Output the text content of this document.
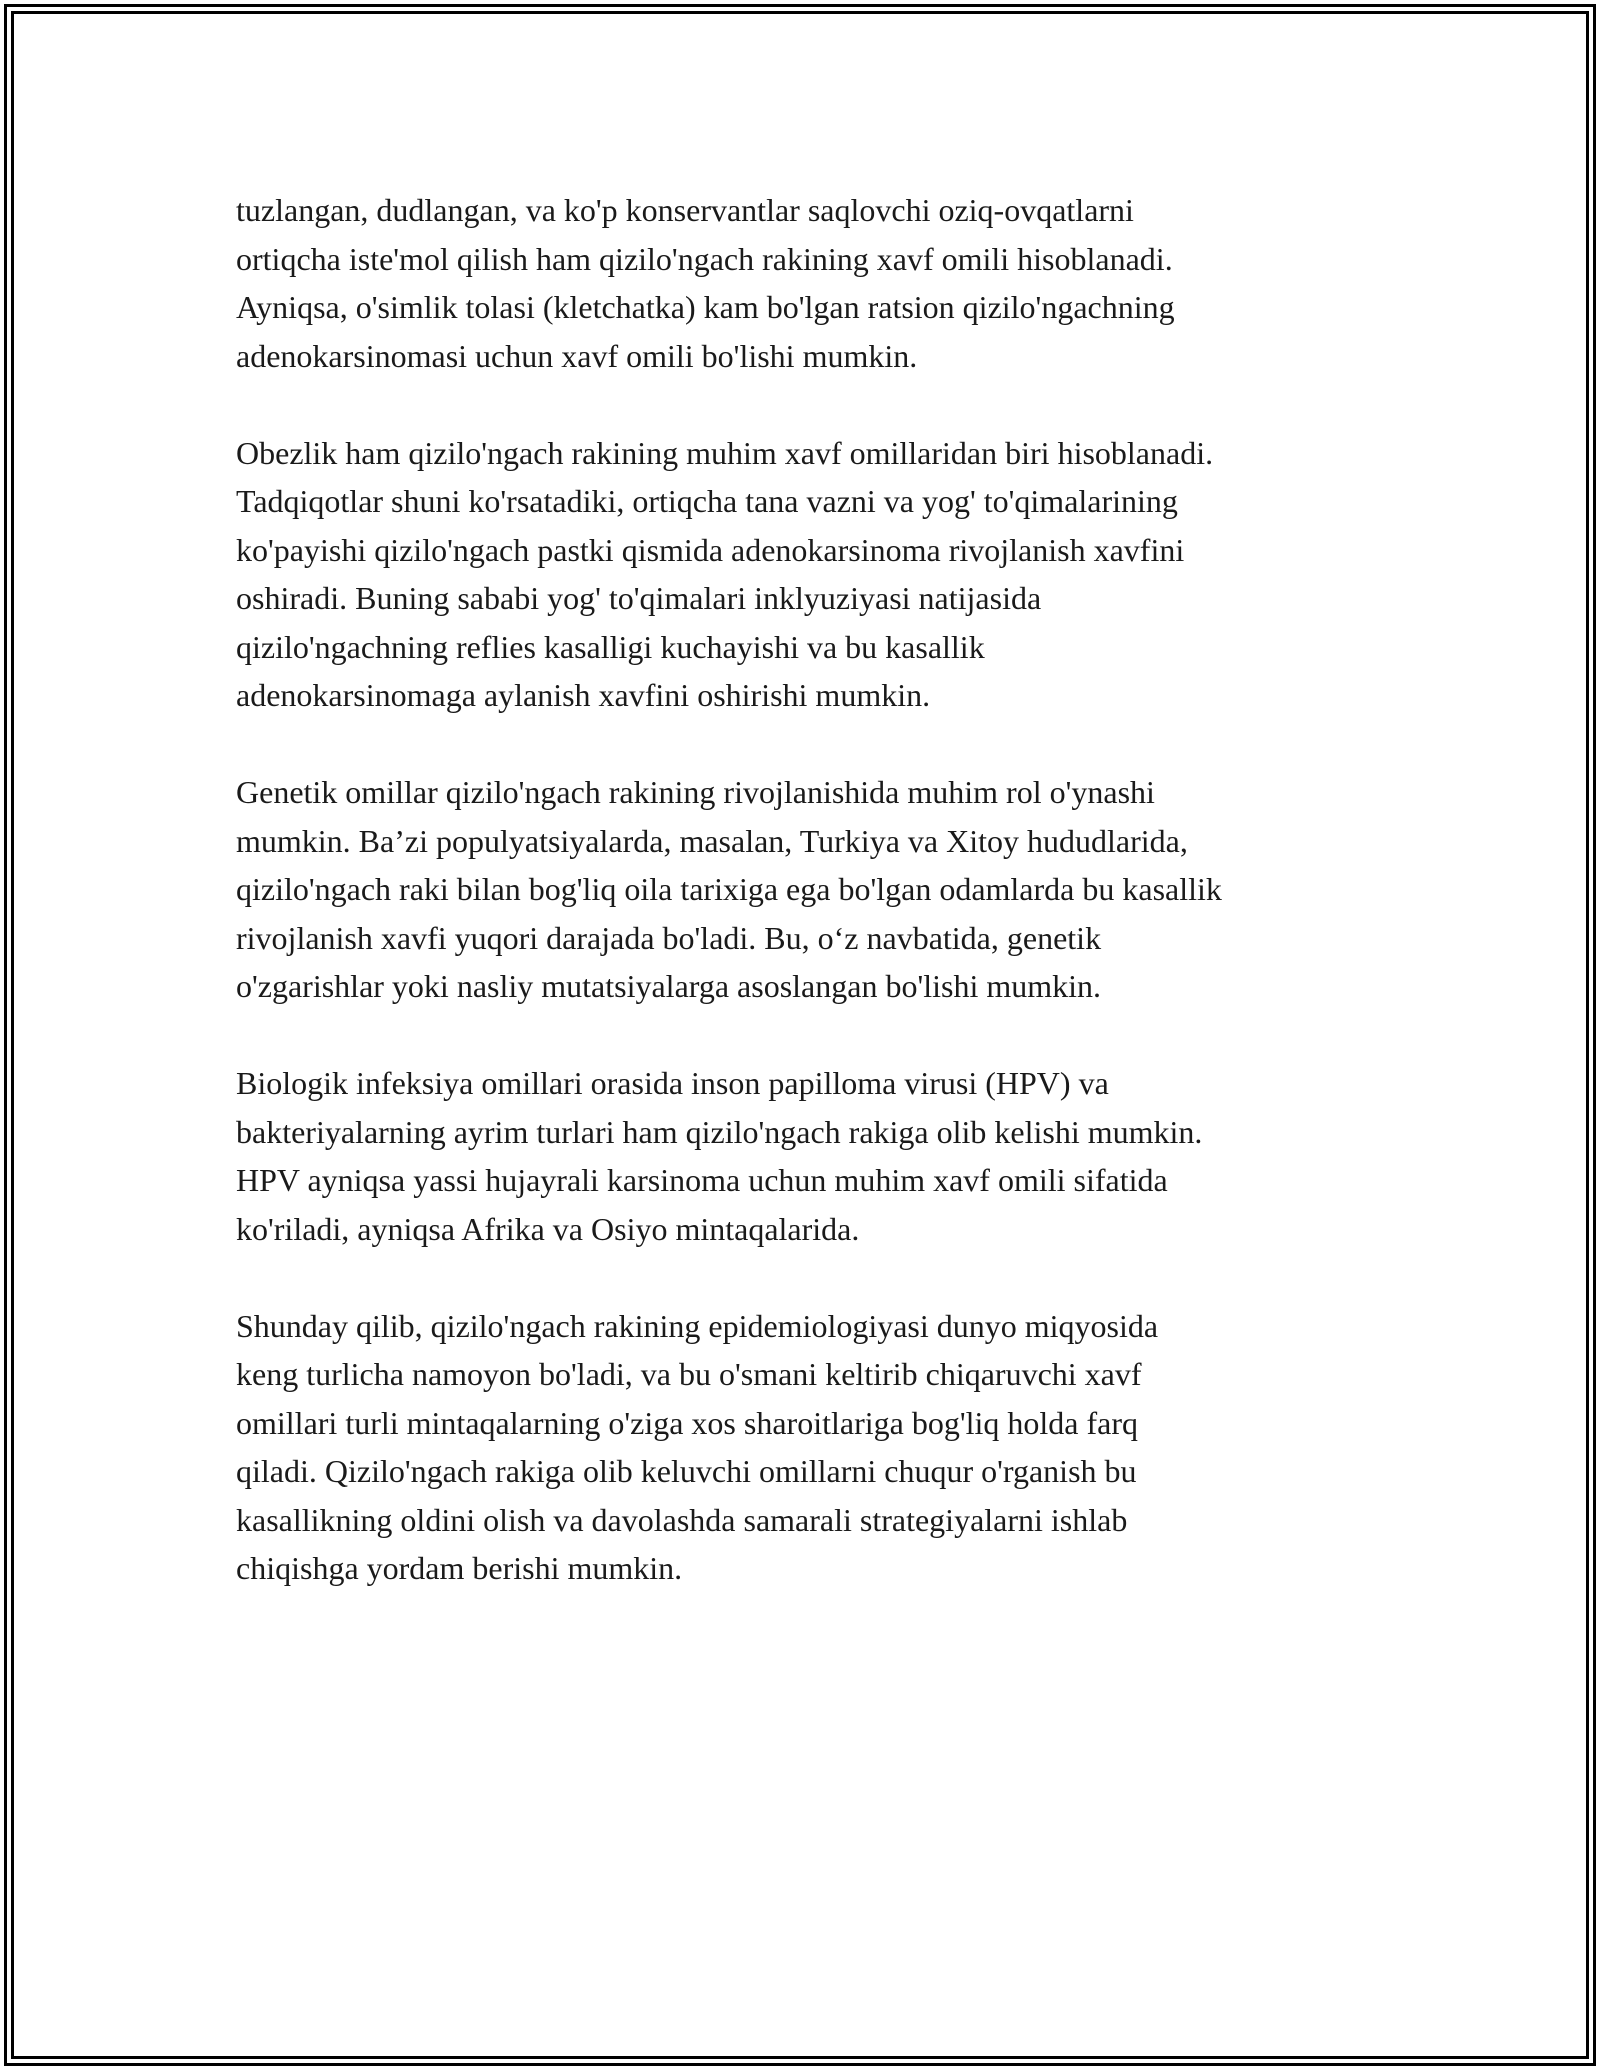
tuzlangan, dudlangan, va ko'p konservantlar saqlovchi oziq-ovqatlarni
ortiqcha iste'mol qilish ham qizilo'ngach rakining xavf omili hisoblanadi.
Ayniqsa, o'simlik tolasi (kletchatka) kam bo'lgan ratsion qizilo'ngachning
adenokarsinomasi uchun xavf omili bo'lishi mumkin.

Obezlik ham qizilo'ngach rakining muhim xavf omillaridan biri hisoblanadi.
Tadqiqotlar shuni ko'rsatadiki, ortiqcha tana vazni va yog' to'qimalarining
ko'payishi qizilo'ngach pastki qismida adenokarsinoma rivojlanish xavfini
oshiradi. Buning sababi yog' to'qimalari inklyuziyasi natijasida
qizilo'ngachning reflies kasalligi kuchayishi va bu kasallik
adenokarsinomaga aylanish xavfini oshirishi mumkin.

Genetik omillar qizilo'ngach rakining rivojlanishida muhim rol o'ynashi
mumkin. Ba’zi populyatsiyalarda, masalan, Turkiya va Xitoy hududlarida,
qizilo'ngach raki bilan bog'liq oila tarixiga ega bo'lgan odamlarda bu kasallik
rivojlanish xavfi yuqori darajada bo'ladi. Bu, o‘z navbatida, genetik
o'zgarishlar yoki nasliy mutatsiyalarga asoslangan bo'lishi mumkin.

Biologik infeksiya omillari orasida inson papilloma virusi (HPV) va
bakteriyalarning ayrim turlari ham qizilo'ngach rakiga olib kelishi mumkin.
HPV ayniqsa yassi hujayrali karsinoma uchun muhim xavf omili sifatida
ko'riladi, ayniqsa Afrika va Osiyo mintaqalarida.

Shunday qilib, qizilo'ngach rakining epidemiologiyasi dunyo miqyosida
keng turlicha namoyon bo'ladi, va bu o'smani keltirib chiqaruvchi xavf
omillari turli mintaqalarning o'ziga xos sharoitlariga bog'liq holda farq
qiladi. Qizilo'ngach rakiga olib keluvchi omillarni chuqur o'rganish bu
kasallikning oldini olish va davolashda samarali strategiyalarni ishlab
chiqishga yordam berishi mumkin.
